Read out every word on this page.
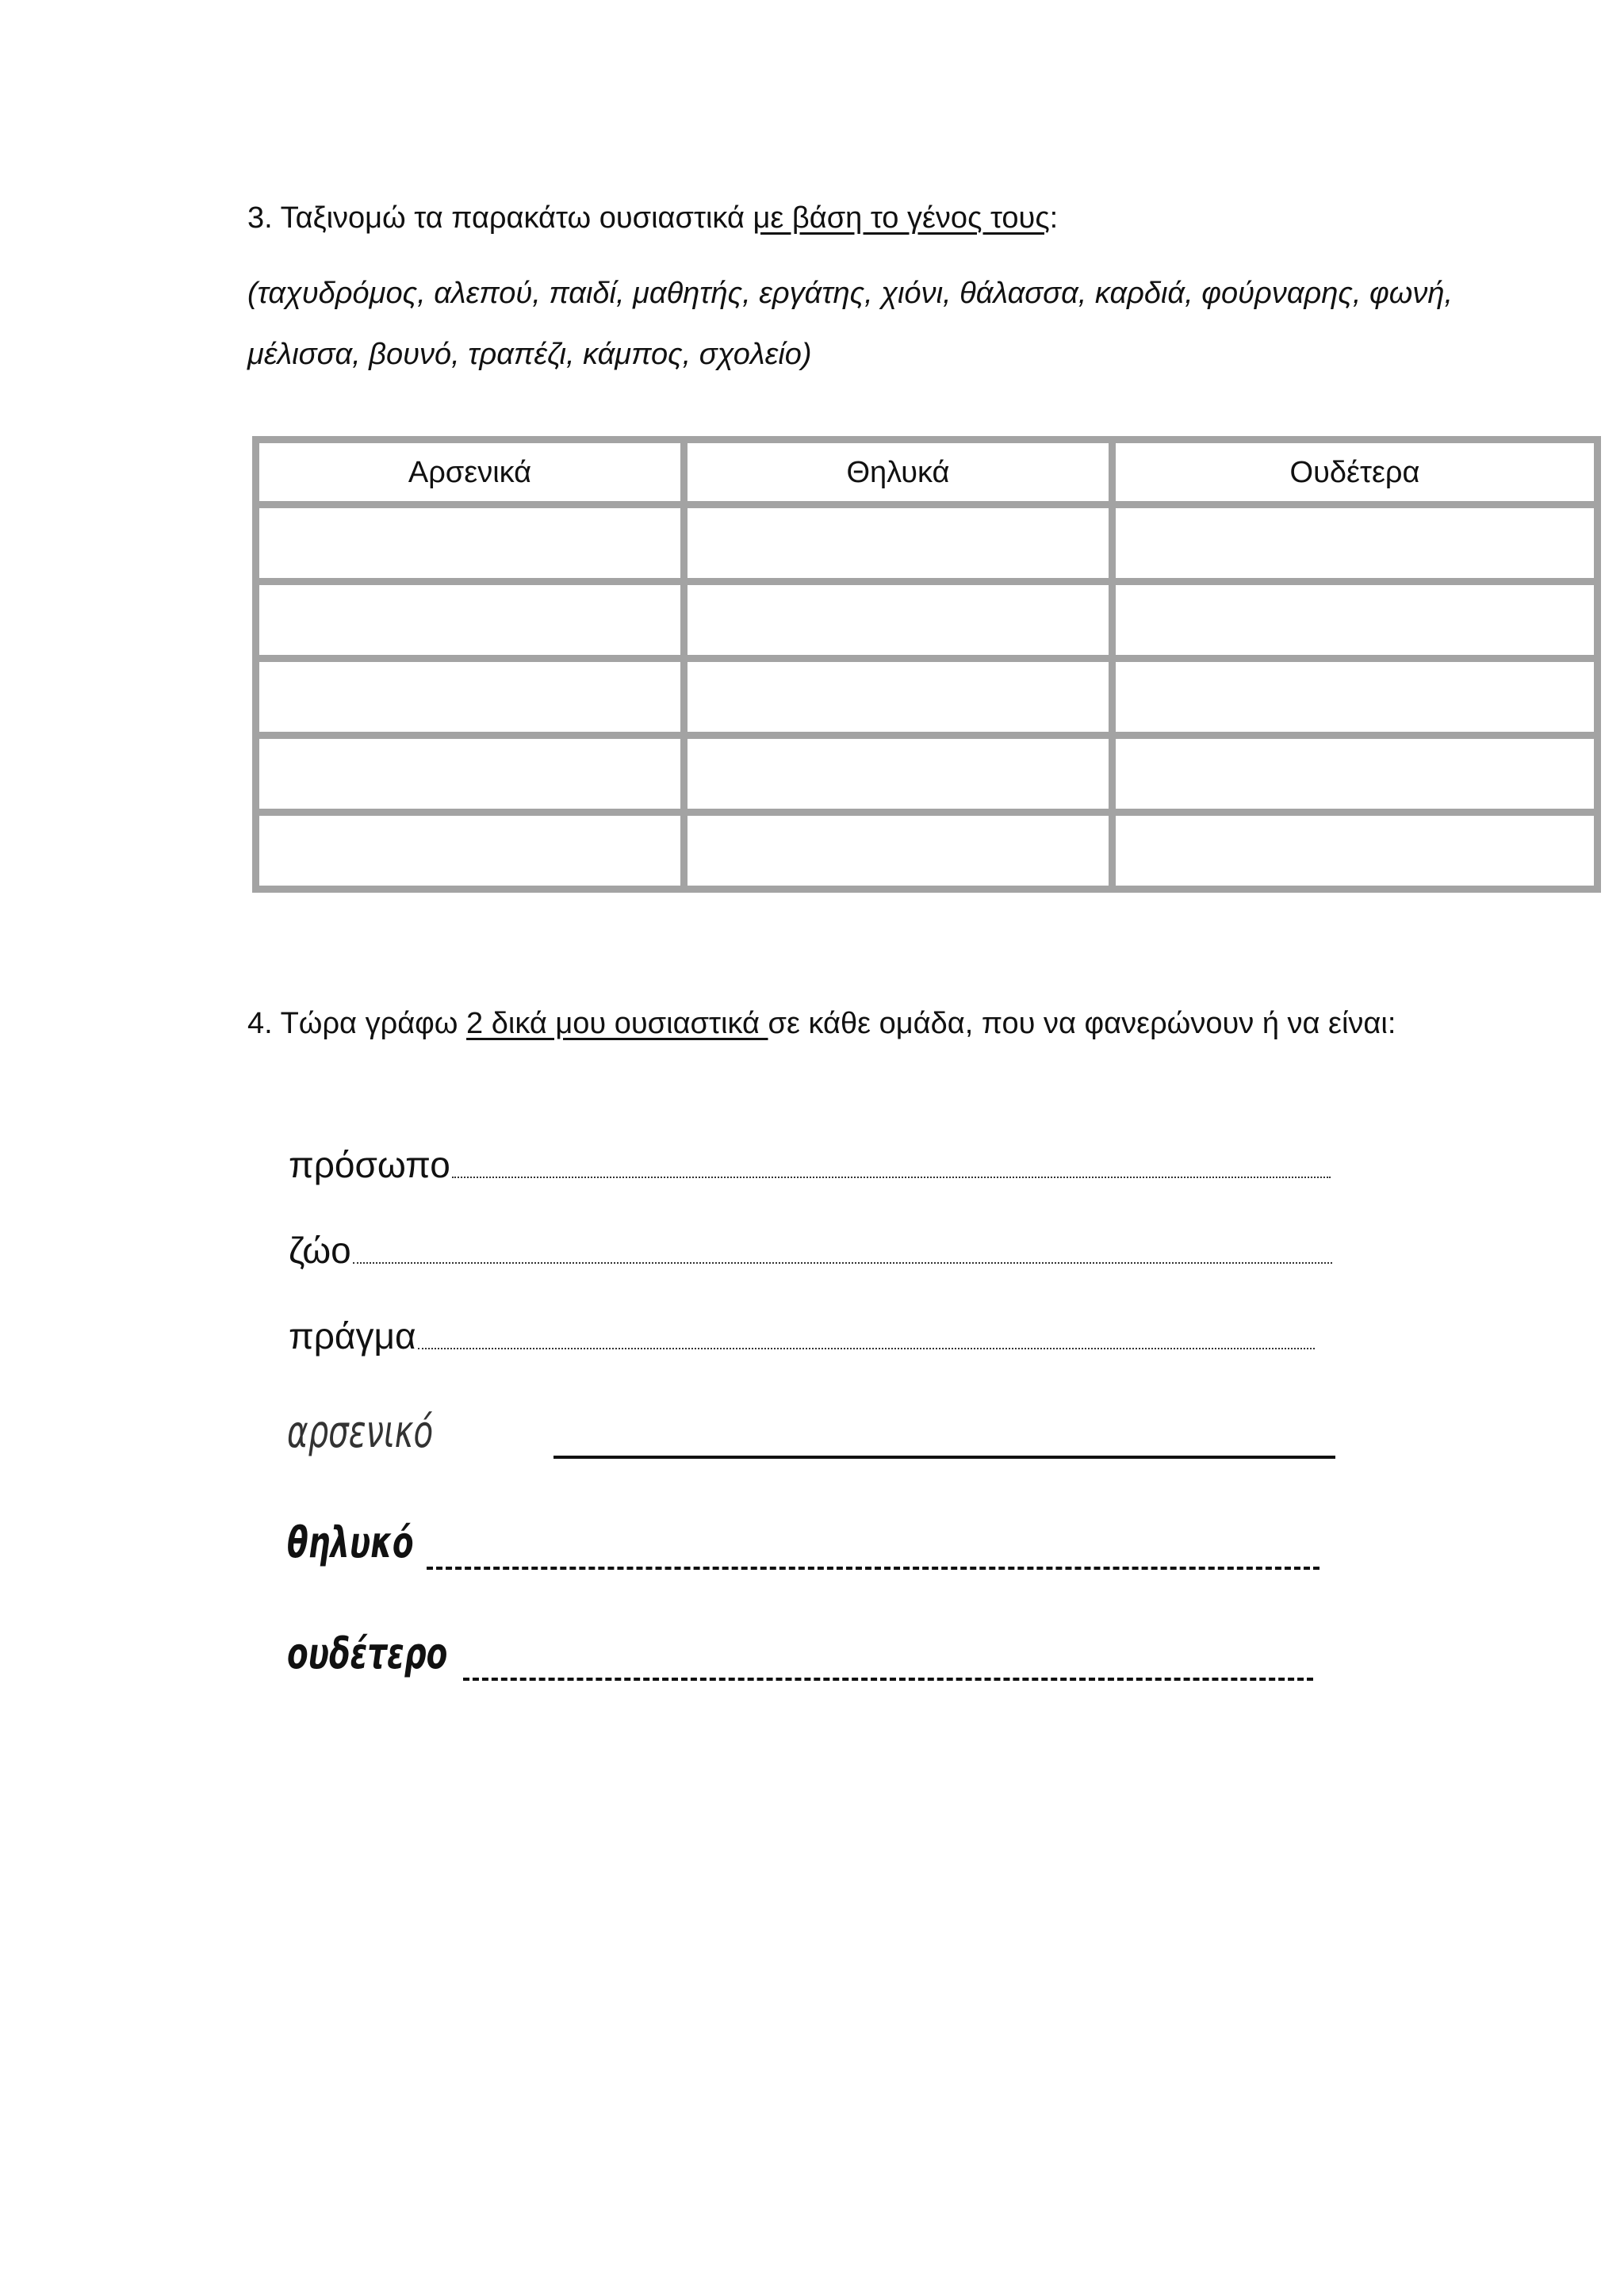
3. Ταξινομώ τα παρακάτω ουσιαστικά με βάση το γένος τους:
(ταχυδρόμος, αλεπού, παιδί, μαθητής, εργάτης, χιόνι, θάλασσα, καρδιά, φούρναρης, φωνή, μέλισσα, βουνό, τραπέζι, κάμπος, σχολείο)
Αρσενικά	Θηλυκά	Ουδέτερα

4. Τώρα γράφω 2 δικά μου ουσιαστικά σε κάθε ομάδα, που να φανερώνουν ή να είναι:
πρόσωπο
ζώο
πράγμα
αρσενικό
θηλυκό
ουδέτερο
